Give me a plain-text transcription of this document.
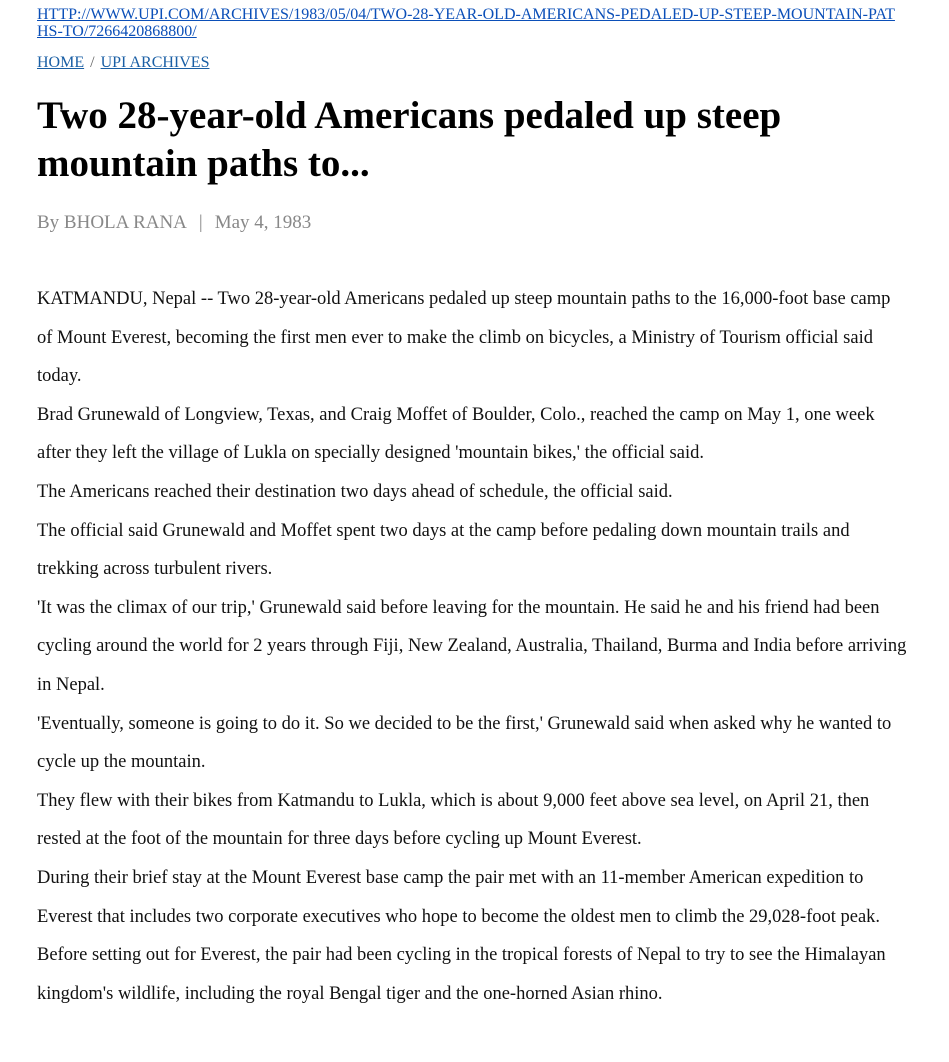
HTTP://WWW.UPI.COM/ARCHIVES/1983/05/04/TWO-28-YEAR-OLD-AMERICANS-PEDALED-UP-STEEP-MOUNTAIN-PATHS-TO/7266420868800/
HOME / UPI ARCHIVES
Two 28-year-old Americans pedaled up steep mountain paths to...
By BHOLA RANA | May 4, 1983

KATMANDU, Nepal -- Two 28-year-old Americans pedaled up steep mountain paths to the 16,000-foot base camp of Mount Everest, becoming the first men ever to make the climb on bicycles, a Ministry of Tourism official said today.

Brad Grunewald of Longview, Texas, and Craig Moffet of Boulder, Colo., reached the camp on May 1, one week after they left the village of Lukla on specially designed 'mountain bikes,' the official said.

The Americans reached their destination two days ahead of schedule, the official said.

The official said Grunewald and Moffet spent two days at the camp before pedaling down mountain trails and trekking across turbulent rivers.

'It was the climax of our trip,' Grunewald said before leaving for the mountain. He said he and his friend had been cycling around the world for 2 years through Fiji, New Zealand, Australia, Thailand, Burma and India before arriving in Nepal.

'Eventually, someone is going to do it. So we decided to be the first,' Grunewald said when asked why he wanted to cycle up the mountain.

They flew with their bikes from Katmandu to Lukla, which is about 9,000 feet above sea level, on April 21, then rested at the foot of the mountain for three days before cycling up Mount Everest.

During their brief stay at the Mount Everest base camp the pair met with an 11-member American expedition to Everest that includes two corporate executives who hope to become the oldest men to climb the 29,028-foot peak.

Before setting out for Everest, the pair had been cycling in the tropical forests of Nepal to try to see the Himalayan kingdom's wildlife, including the royal Bengal tiger and the one-horned Asian rhino.
